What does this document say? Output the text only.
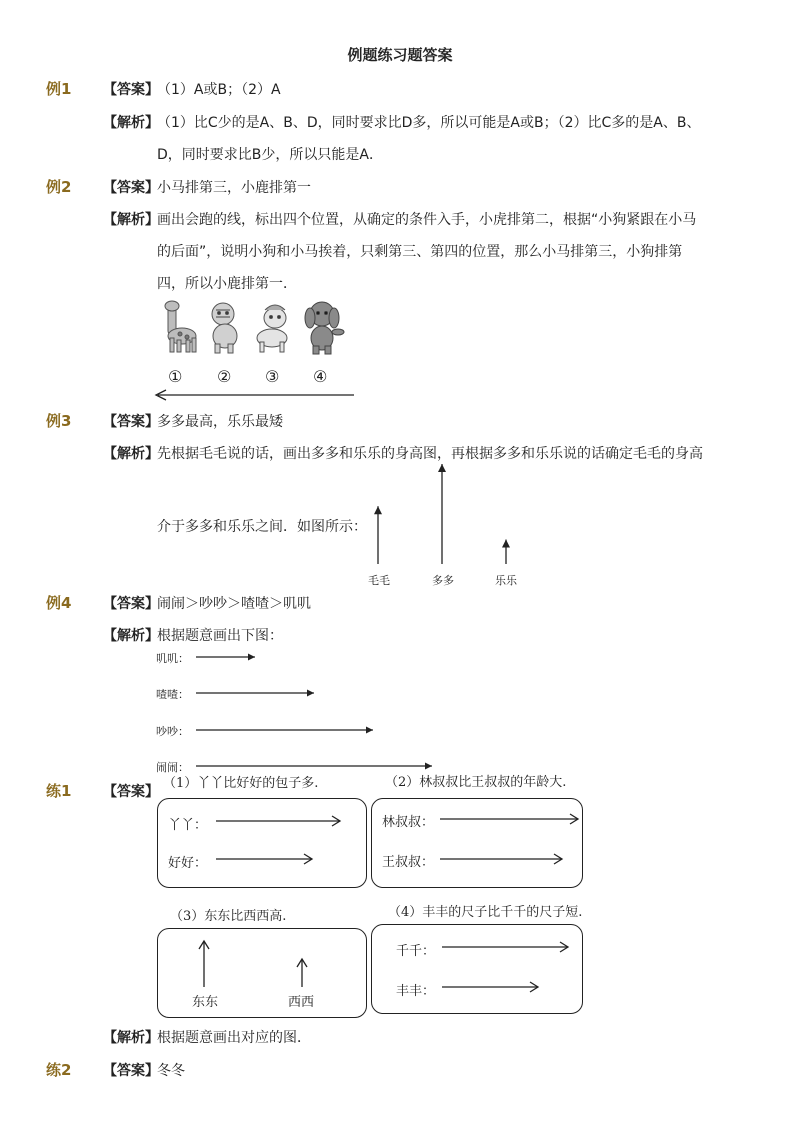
例题练习题答案
例1 【答案】
（1）A或B；（2）A
【解析】
（1）比C少的是A、B、D，同时要求比D多，所以可能是A或B；（2）比C多的是A、B、
D，同时要求比B少，所以只能是A．
例2 【答案】
小马排第三，小鹿排第一
【解析】
画出会跑的线，标出四个位置，从确定的条件入手，小虎排第二，根据“小狗紧跟在小马
的后面”，说明小狗和小马挨着，只剩第三、第四的位置，那么小马排第三，小狗排第
四，所以小鹿排第一．
① ② ③ ④
例3 【答案】
多多最高，乐乐最矮
【解析】
先根据毛毛说的话，画出多多和乐乐的身高图，再根据多多和乐乐说的话确定毛毛的身高
介于多多和乐乐之间．如图所示：
毛毛	多多	乐乐
例4 【答案】
闹闹＞吵吵＞喳喳＞叽叽
【解析】
根据题意画出下图：
叽叽：
喳喳：
吵吵：
闹闹：
练1 【答案】
（1）丫丫比好好的包子多.	（2）林叔叔比王叔叔的年龄大.
丫丫：
好好：
林叔叔：
王叔叔：
（3）东东比西西高.	（4）丰丰的尺子比千千的尺子短.
东东	西西
千千：
丰丰：
【解析】
根据题意画出对应的图．
练2 【答案】
冬冬
